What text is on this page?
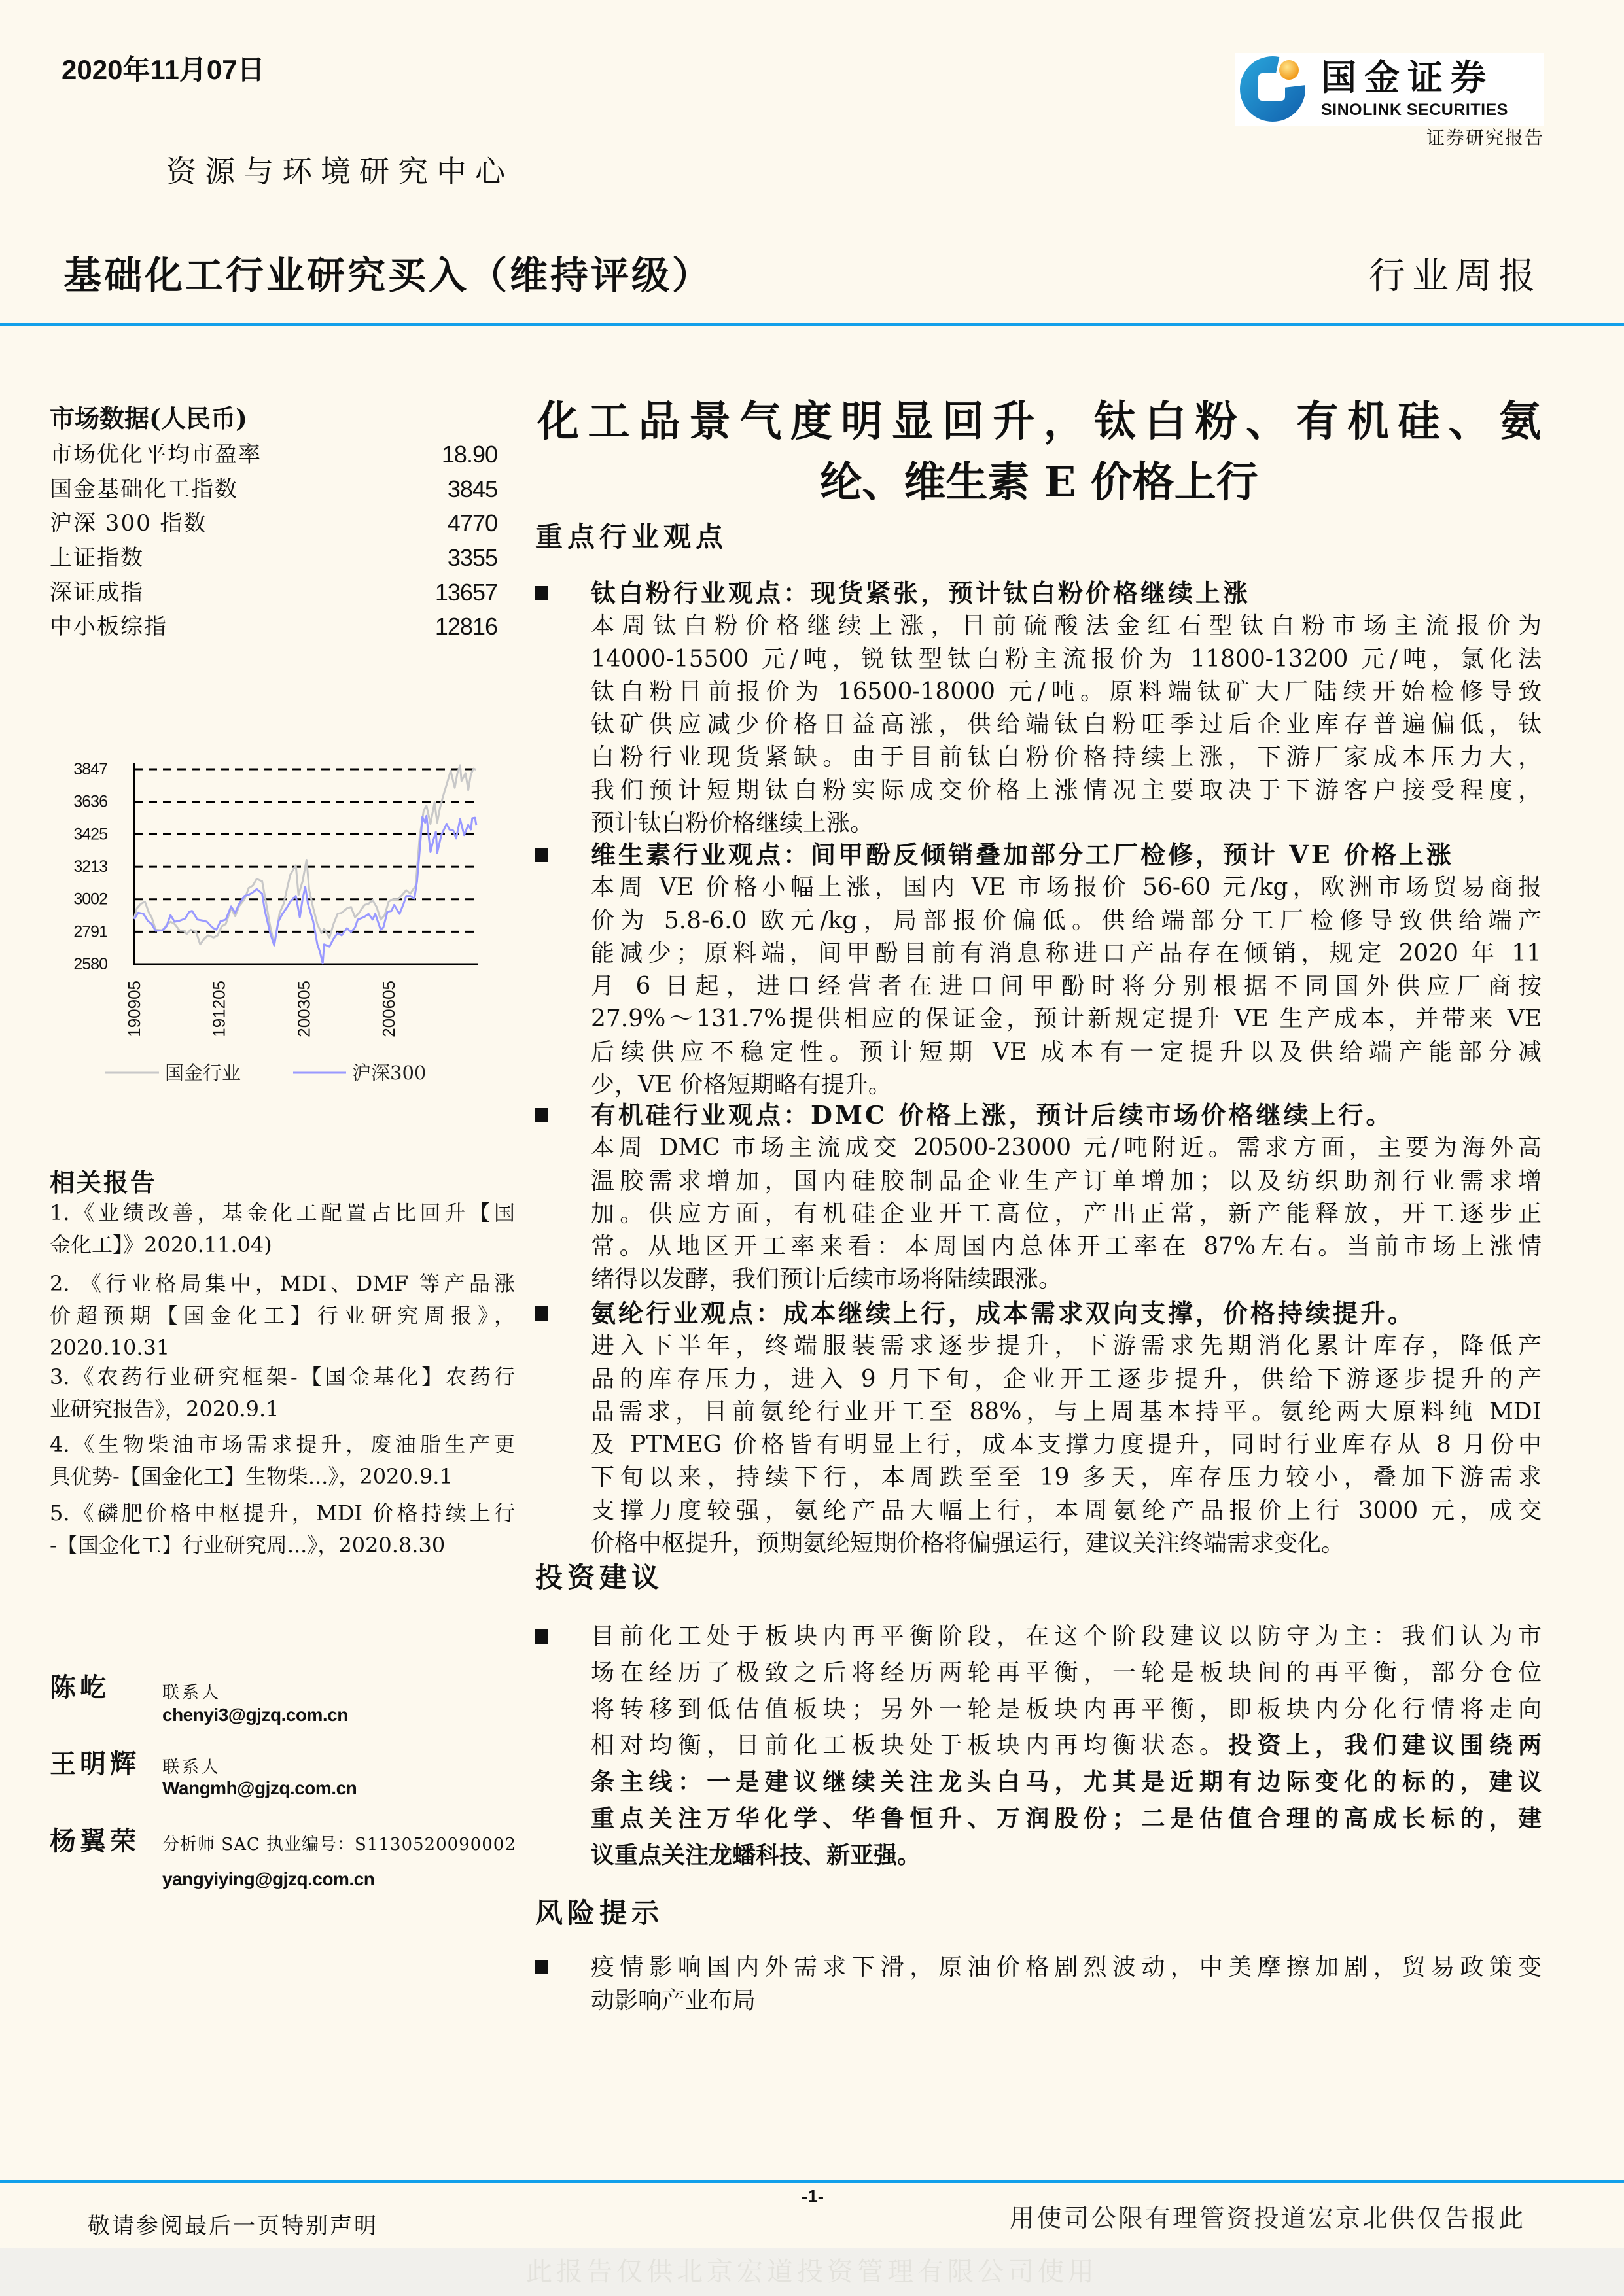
2020年11月07日
资源与环境研究中心
基础化工行业研究买入（维持评级）	行业周报
国金证券
SINOLINK SECURITIES
证券研究报告
市场数据(人民币)
市场优化平均市盈率	18.90
国金基础化工指数	3845
沪深 300 指数	4770
上证指数	3355
深证成指	13657
中小板综指	12816
2580
2791
3002
3213
3425
3636
3847
190905	191205	200305	200605
国金行业	沪深300
相关报告
1.《业绩改善，基金化工配置占比回升【国
金化工】》2020.11.04)
2. 《行业格局集中，MDI、DMF 等产品涨
价超预期【国金化工】行业研究周报》，
2020.10.31
3.《农药行业研究框架-【国金基化】农药行
业研究报告》，2020.9.1
4.《生物柴油市场需求提升，废油脂生产更
具优势-【国金化工】生物柴...》，2020.9.1
5.《磷肥价格中枢提升，MDI 价格持续上行
-【国金化工】行业研究周...》，2020.8.30
陈屹	联系人
chenyi3@gjzq.com.cn
王明辉 联系人
Wangmh@gjzq.com.cn
杨翼荣 分析师 SAC 执业编号：S1130520090002
yangyiying@gjzq.com.cn
化工品景气度明显回升，钛白粉、有机硅、氨
纶、维生素 E 价格上行
重点行业观点
钛白粉行业观点：现货紧张，预计钛白粉价格继续上涨
本周钛白粉价格继续上涨，目前硫酸法金红石型钛白粉市场主流报价为
14000-15500 元/吨，锐钛型钛白粉主流报价为 11800-13200 元/吨，氯化法
钛白粉目前报价为 16500-18000 元/吨。原料端钛矿大厂陆续开始检修导致
钛矿供应减少价格日益高涨，供给端钛白粉旺季过后企业库存普遍偏低，钛
白粉行业现货紧缺。由于目前钛白粉价格持续上涨，下游厂家成本压力大，
我们预计短期钛白粉实际成交价格上涨情况主要取决于下游客户接受程度，
预计钛白粉价格继续上涨。
维生素行业观点：间甲酚反倾销叠加部分工厂检修，预计 VE 价格上涨
本周 VE 价格小幅上涨，国内 VE 市场报价 56-60 元/kg，欧洲市场贸易商报
价为 5.8-6.0 欧元/kg，局部报价偏低。供给端部分工厂检修导致供给端产
能减少；原料端，间甲酚目前有消息称进口产品存在倾销，规定 2020 年 11
月 6 日起，进口经营者在进口间甲酚时将分别根据不同国外供应厂商按
27.9%～131.7%提供相应的保证金，预计新规定提升 VE 生产成本，并带来 VE
后续供应不稳定性。预计短期 VE 成本有一定提升以及供给端产能部分减
少，VE 价格短期略有提升。
有机硅行业观点：DMC 价格上涨，预计后续市场价格继续上行。
本周 DMC 市场主流成交 20500-23000 元/吨附近。需求方面，主要为海外高
温胶需求增加，国内硅胶制品企业生产订单增加；以及纺织助剂行业需求增
加。供应方面，有机硅企业开工高位，产出正常，新产能释放，开工逐步正
常。从地区开工率来看：本周国内总体开工率在 87%左右。当前市场上涨情
绪得以发酵，我们预计后续市场将陆续跟涨。
氨纶行业观点：成本继续上行，成本需求双向支撑，价格持续提升。
进入下半年，终端服装需求逐步提升，下游需求先期消化累计库存，降低产
品的库存压力，进入 9 月下旬，企业开工逐步提升，供给下游逐步提升的产
品需求，目前氨纶行业开工至 88%，与上周基本持平。氨纶两大原料纯 MDI
及 PTMEG 价格皆有明显上行，成本支撑力度提升，同时行业库存从 8 月份中
下旬以来，持续下行，本周跌至至 19 多天，库存压力较小，叠加下游需求
支撑力度较强，氨纶产品大幅上行，本周氨纶产品报价上行 3000 元，成交
价格中枢提升，预期氨纶短期价格将偏强运行，建议关注终端需求变化。
投资建议
目前化工处于板块内再平衡阶段，在这个阶段建议以防守为主：我们认为市
场在经历了极致之后将经历两轮再平衡，一轮是板块间的再平衡，部分仓位
将转移到低估值板块；另外一轮是板块内再平衡，即板块内分化行情将走向
相对均衡，目前化工板块处于板块内再均衡状态。投资上，我们建议围绕两
条主线：一是建议继续关注龙头白马，尤其是近期有边际变化的标的，建议
重点关注万华化学、华鲁恒升、万润股份；二是估值合理的高成长标的，建
议重点关注龙蟠科技、新亚强。
风险提示
疫情影响国内外需求下滑，原油价格剧烈波动，中美摩擦加剧，贸易政策变
动影响产业布局
-1-
敬请参阅最后一页特别声明	用使司公限有理管资投道宏京北供仅告报此
此报告仅供北京宏道投资管理有限公司使用
